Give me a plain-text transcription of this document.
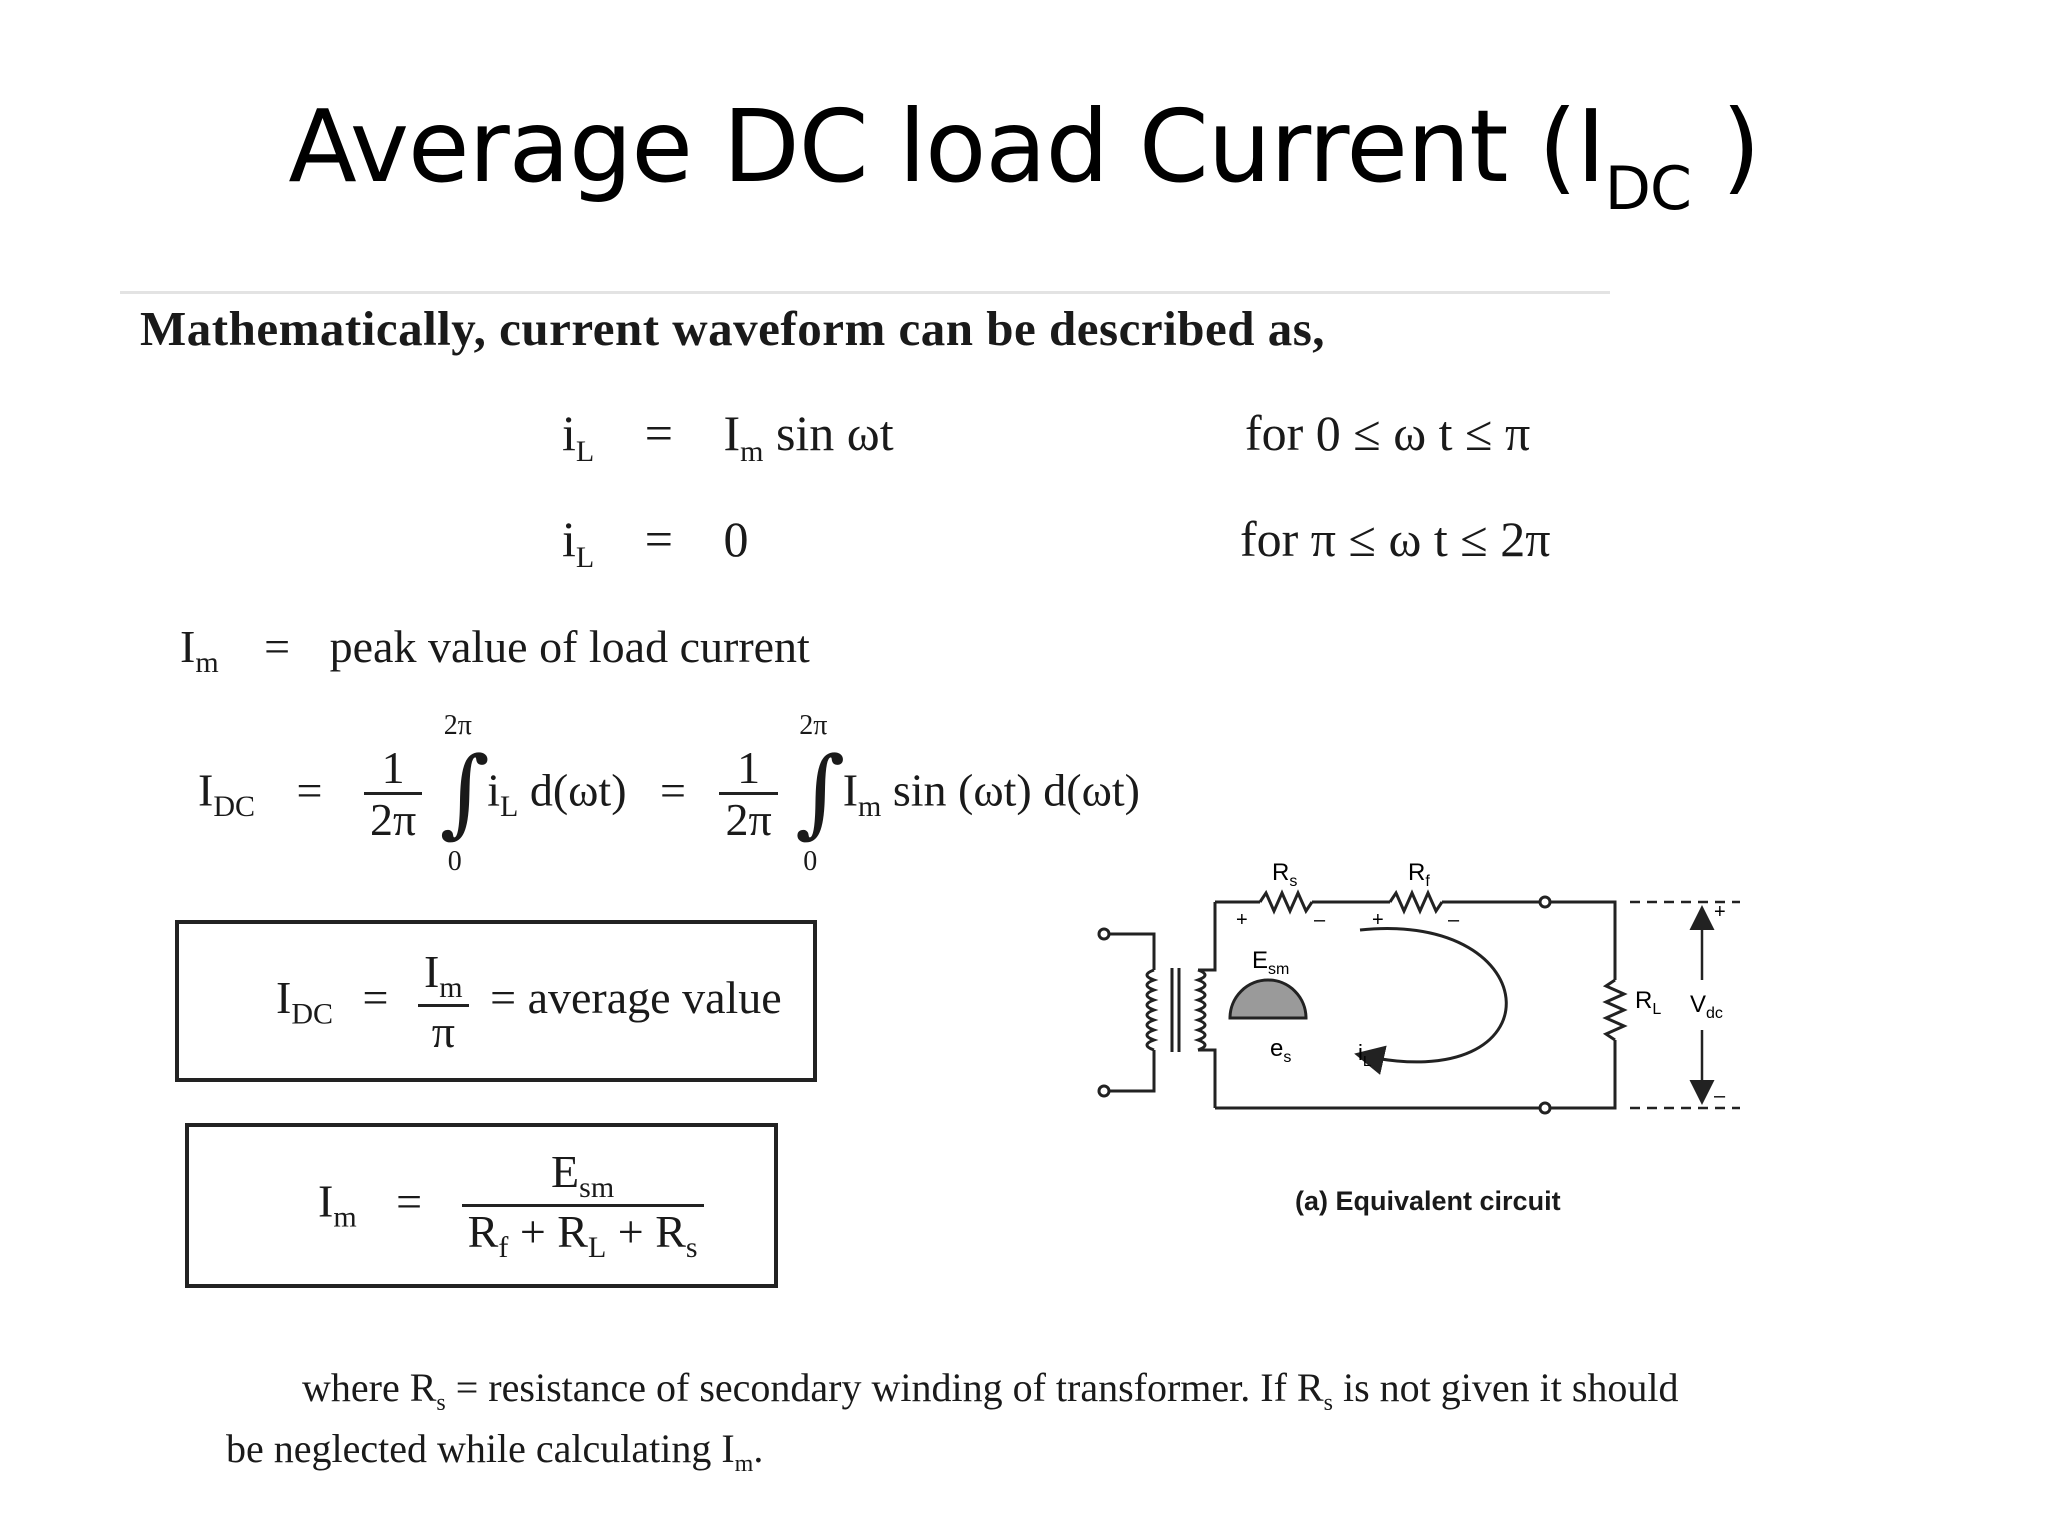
Average DC load Current ($I_{DC}$ )
Mathematically, current waveform can be described as,
$i_L = I_m$ sin ωt	for 0 ≤ ω t ≤ π
$i_L = 0$	for π ≤ ω t ≤ 2π
$I_m$ = peak value of load current
$I_{DC} = \frac{1}{2\pi}$

2π
∫
0
$i_L$ $d(\omega t) = \frac{1}{2\pi}$

2π
∫
0
$I_m$ sin (ωt) d(ωt)
$I_{DC} = \frac{I_m}{\pi}$ = average value
$I_m = \frac{E_{sm}}{R_f + R_L + R_s}$
$R_s$	$R_f$
+	– +	–
$E_{sm}$
$e_s$	$i_L$
$R_L$ $V_{dc}$
+
–
(a) Equivalent circuit
where $R_s$ = resistance of secondary winding of transformer. If $R_s$ is not given it should
be neglected while calculating $I_m$.
